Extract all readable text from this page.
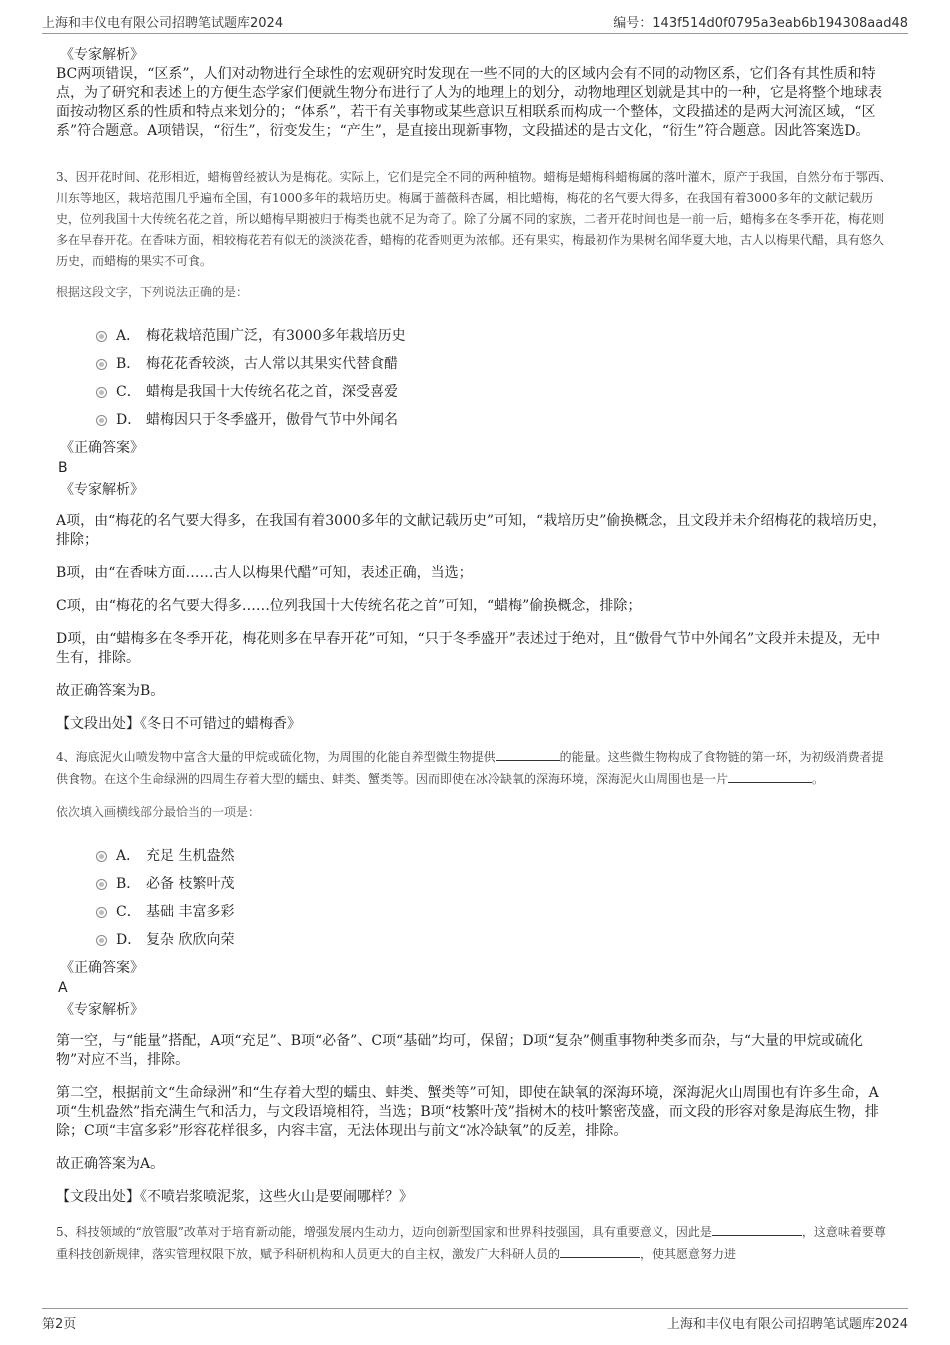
上海和丰仪电有限公司招聘笔试题库2024	编号：143f514d0f0795a3eab6b194308aad48
《专家解析》

BC两项错误，“区系”，人们对动物进行全球性的宏观研究时发现在一些不同的大的区域内会有不同的动物区系，它们各有其性质和特点，为了研究和表述上的方便生态学家们便就生物分布进行了人为的地理上的划分，动物地理区划就是其中的一种，它是将整个地球表面按动物区系的性质和特点来划分的；“体系”，若干有关事物或某些意识互相联系而构成一个整体，文段描述的是两大河流区域，“区系”符合题意。A项错误，“衍生”，衍变发生；“产生”，是直接出现新事物，文段描述的是古文化，“衍生”符合题意。因此答案选D。

3、因开花时间、花形相近，蜡梅曾经被认为是梅花。实际上，它们是完全不同的两种植物。蜡梅是蜡梅科蜡梅属的落叶灌木，原产于我国，自然分布于鄂西、川东等地区，栽培范围几乎遍布全国，有1000多年的栽培历史。梅属于蔷薇科杏属，相比蜡梅，梅花的名气要大得多，在我国有着3000多年的文献记载历史，位列我国十大传统名花之首，所以蜡梅早期被归于梅类也就不足为奇了。除了分属不同的家族，二者开花时间也是一前一后，蜡梅多在冬季开花，梅花则多在早春开花。在香味方面，相较梅花若有似无的淡淡花香，蜡梅的花香则更为浓郁。还有果实，梅最初作为果树名闻华夏大地，古人以梅果代醋，具有悠久历史，而蜡梅的果实不可食。

根据这段文字，下列说法正确的是：

A． 梅花栽培范围广泛，有3000多年栽培历史
B． 梅花花香较淡，古人常以其果实代替食醋
C． 蜡梅是我国十大传统名花之首，深受喜爱
D． 蜡梅因只于冬季盛开，傲骨气节中外闻名
《正确答案》
B
《专家解析》

A项，由“梅花的名气要大得多，在我国有着3000多年的文献记载历史”可知，“栽培历史”偷换概念，且文段并未介绍梅花的栽培历史，排除；

B项，由“在香味方面……古人以梅果代醋”可知，表述正确，当选；

C项，由“梅花的名气要大得多……位列我国十大传统名花之首”可知，“蜡梅”偷换概念，排除；

D项，由“蜡梅多在冬季开花，梅花则多在早春开花”可知，“只于冬季盛开”表述过于绝对，且“傲骨气节中外闻名”文段并未提及，无中生有，排除。

故正确答案为B。

【文段出处】《冬日不可错过的蜡梅香》

4、海底泥火山喷发物中富含大量的甲烷或硫化物，为周围的化能自养型微生物提供	的能量。这些微生物构成了食物链的第一环，为初级消费者提供食物。在这个生命绿洲的四周生存着大型的蠕虫、蚌类、蟹类等。因而即使在冰冷缺氧的深海环境，深海泥火山周围也是一片	。

依次填入画横线部分最恰当的一项是：

A． 充足 生机盎然
B． 必备 枝繁叶茂
C． 基础 丰富多彩
D． 复杂 欣欣向荣
《正确答案》
A
《专家解析》

第一空，与“能量”搭配，A项“充足”、B项“必备”、C项“基础”均可，保留；D项“复杂”侧重事物种类多而杂，与“大量的甲烷或硫化物”对应不当，排除。

第二空，根据前文“生命绿洲”和“生存着大型的蠕虫、蚌类、蟹类等”可知，即使在缺氧的深海环境，深海泥火山周围也有许多生命，A项“生机盎然”指充满生气和活力，与文段语境相符，当选；B项“枝繁叶茂”指树木的枝叶繁密茂盛，而文段的形容对象是海底生物，排除；C项“丰富多彩”形容花样很多，内容丰富，无法体现出与前文“冰冷缺氧”的反差，排除。

故正确答案为A。

【文段出处】《不喷岩浆喷泥浆，这些火山是要闹哪样？》

5、科技领域的“放管服”改革对于培育新动能，增强发展内生动力，迈向创新型国家和世界科技强国，具有重要意义，因此是	，这意味着要尊重科技创新规律，落实管理权限下放，赋予科研机构和人员更大的自主权，激发广大科研人员的	，使其愿意努力进

第2页	上海和丰仪电有限公司招聘笔试题库2024
